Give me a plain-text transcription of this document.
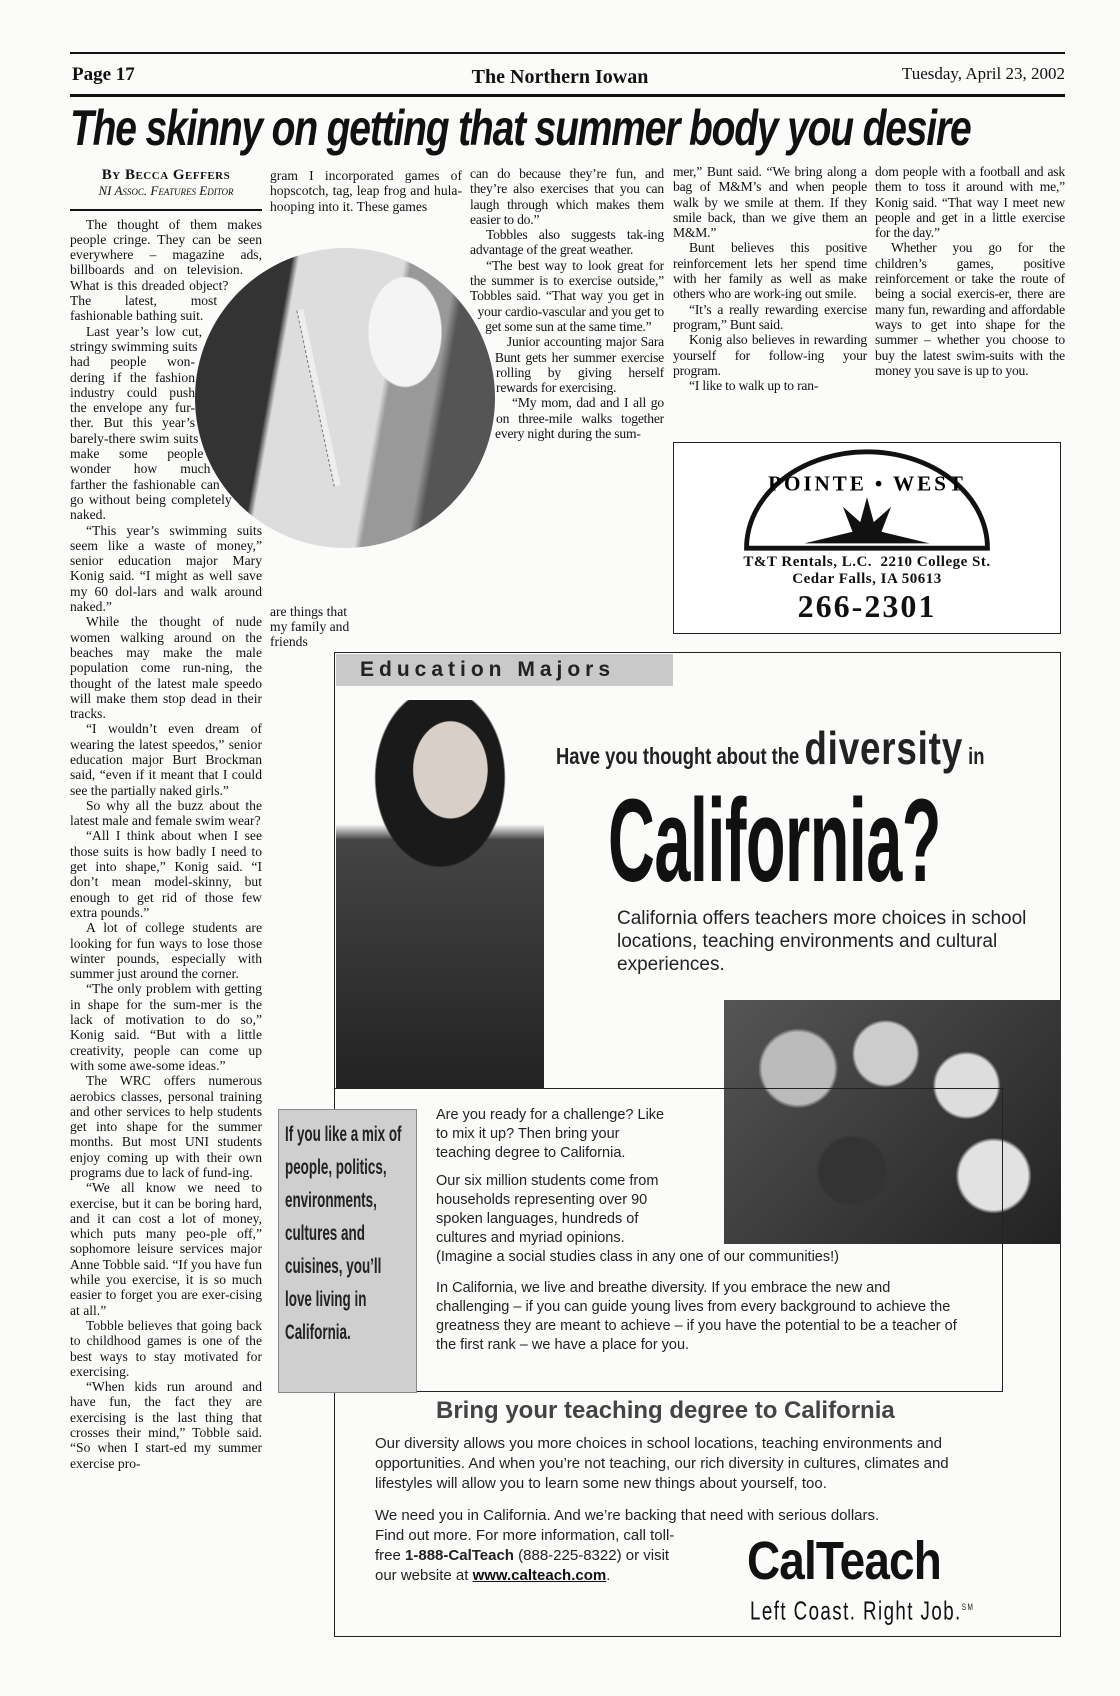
Page 17	The Northern Iowan	Tuesday, April 23, 2002
The skinny on getting that summer body you desire
By Becca Geffers
NI Assoc. Features Editor

The thought of them makes people cringe. They can be seen everywhere – magazine ads, billboards and on television. What is this dreaded object? The latest, most fashionable bathing suit.

Last year’s low cut, stringy swimming suits had people won-dering if the fashion industry could push the envelope any fur-ther. But this year’s barely-there swim suits make some people wonder how much farther the fashionable can go without being completely naked.

“This year’s swimming suits seem like a waste of money,” senior education major Mary Konig said. “I might as well save my 60 dol-lars and walk around naked.”

While the thought of nude women walking around on the beaches may make the male population come run-ning, the thought of the latest male speedo will make them stop dead in their tracks.

“I wouldn’t even dream of wearing the latest speedos,” senior education major Burt Brockman said, “even if it meant that I could see the partially naked girls.”

So why all the buzz about the latest male and female swim wear?

“All I think about when I see those suits is how badly I need to get into shape,” Konig said. “I don’t mean model-skinny, but enough to get rid of those few extra pounds.”

A lot of college students are looking for fun ways to lose those winter pounds, especially with summer just around the corner.

“The only problem with getting in shape for the sum-mer is the lack of motivation to do so,” Konig said. “But with a little creativity, people can come up with some awe-some ideas.”

The WRC offers numerous aerobics classes, personal training and other services to help students get into shape for the summer months. But most UNI students enjoy coming up with their own programs due to lack of fund-ing.

“We all know we need to exercise, but it can be boring hard, and it can cost a lot of money, which puts many peo-ple off,” sophomore leisure services major Anne Tobble said. “If you have fun while you exercise, it is so much easier to forget you are exer-cising at all.”

Tobble believes that going back to childhood games is one of the best ways to stay motivated for exercising.

“When kids run around and have fun, the fact they are exercising is the last thing that crosses their mind,” Tobble said. “So when I start-ed my summer exercise pro-

gram I incorporated games of hopscotch, tag, leap frog and hula-hooping into it. These games

are things that my family and friends

can do because they’re fun, and they’re also exercises that you can laugh through which makes them easier to do.”

Tobbles also suggests tak-ing advantage of the great weather.

“The best way to look great for the summer is to exercise outside,” Tobbles said. “That way you get in your cardio-vascular and you get to get some sun at the same time.”

Junior accounting major Sara Bunt gets her summer exercise rolling by giving herself rewards for exercising.

“My mom, dad and I all go on three-mile walks together every night during the sum-

mer,” Bunt said. “We bring along a bag of M&M’s and when people walk by we smile at them. If they smile back, than we give them an M&M.”

Bunt believes this positive reinforcement lets her spend time with her family as well as make others who are work-ing out smile.

“It’s a really rewarding exercise program,” Bunt said.

Konig also believes in rewarding yourself for follow-ing your program.

“I like to walk up to ran-

dom people with a football and ask them to toss it around with me,” Konig said. “That way I meet new people and get in a little exercise for the day.”

Whether you go for the children’s games, positive reinforcement or take the route of being a social exercis-er, there are many fun, rewarding and affordable ways to get into shape for the summer – whether you choose to buy the latest swim-suits with the money you save is up to you.

POINTE • WEST
T&T Rentals, L.C. 2210 College St.
Cedar Falls, IA 50613
266-2301
Education Majors
Have you thought about the diversity in
California?
California offers teachers more choices in school locations, teaching environments and cultural experiences.
If you like a mix of people, politics, environments, cultures and cuisines, you’ll love living in California.
Are you ready for a challenge? Like to mix it up? Then bring your teaching degree to California.
Our six million students come from households representing over 90 spoken languages, hundreds of cultures and myriad opinions.
(Imagine a social studies class in any one of our communities!)
In California, we live and breathe diversity. If you embrace the new and challenging – if you can guide young lives from every background to achieve the greatness they are meant to achieve – if you have the potential to be a teacher of the first rank – we have a place for you.
Bring your teaching degree to California
Our diversity allows you more choices in school locations, teaching environments and opportunities. And when you’re not teaching, our rich diversity in cultures, climates and lifestyles will allow you to learn some new things about yourself, too.
We need you in California. And we’re backing that need with serious dollars.
Find out more. For more information, call toll-free 1-888-CalTeach (888-225-8322) or visit our website at www.calteach.com.	CalTeach
Left Coast. Right Job.℠
